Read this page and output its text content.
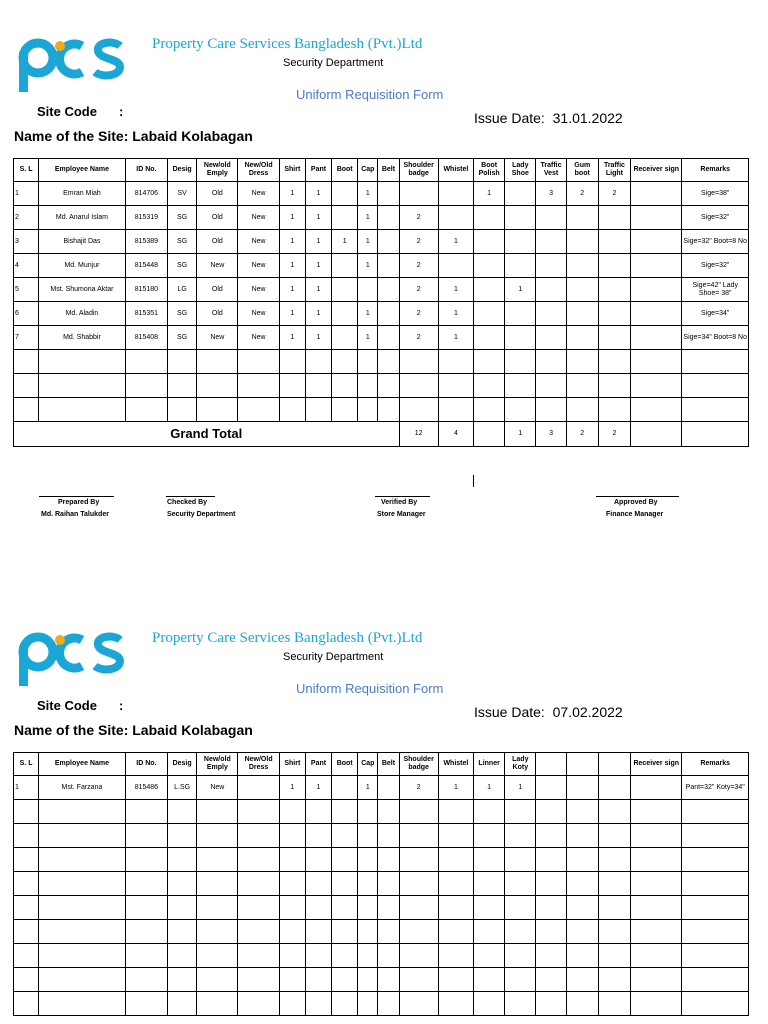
Property Care Services Bangladesh (Pvt.)Ltd
Security Department
Uniform Requisition Form
Site Code :
Name of the Site: Labaid Kolabagan
Issue Date: 31.01.2022
S. L	Employee Name	ID No.	Desig	New/old Emply	New/Old Dress	Shirt	Pant	Boot	Cap	Belt	Shoulder badge	Whistel	Boot Polish	Lady Shoe	Traffic Vest	Gum boot	Traffic Light	Receiver sign	Remarks
1	Emran Miah	814706	SV	Old	New	1	1		1				1		3	2	2		Sige=38"
2	Md. Anarul Islam	815319	SG	Old	New	1	1		1		2								Sige=32"
3	Bishajit Das	815389	SG	Old	New	1	1	1	1		2	1							Sige=32" Boot=8 No
4	Md. Munjur	815448	SG	New	New	1	1		1		2								Sige=32"
5	Mst. Shumona Aktar	815180	LG	Old	New	1	1				2	1		1					Sige=42" Lady Shoe= 38"
6	Md. Aladin	815351	SG	Old	New	1	1		1		2	1							Sige=34"
7	Md. Shabbir	815408	SG	New	New	1	1		1		2	1							Sige=34" Boot=8 No

Grand Total											12	4		1	3	2	2		
Prepared By
Md. Raihan Talukder
Checked By
Security Department
Verified By
Store Manager
Approved By
Finance Manager
Property Care Services Bangladesh (Pvt.)Ltd
Security Department
Uniform Requisition Form
Site Code :
Name of the Site: Labaid Kolabagan
Issue Date: 07.02.2022
S. L	Employee Name	ID No.	Desig	New/old Emply	New/Old Dress	Shirt	Pant	Boot	Cap	Belt	Shoulder badge	Whistel	Linner	Lady Koty				Receiver sign	Remarks
1	Mst. Farzana	815486	L.SG	New		1	1		1		2	1	1	1					Pant=32" Koty=34"
